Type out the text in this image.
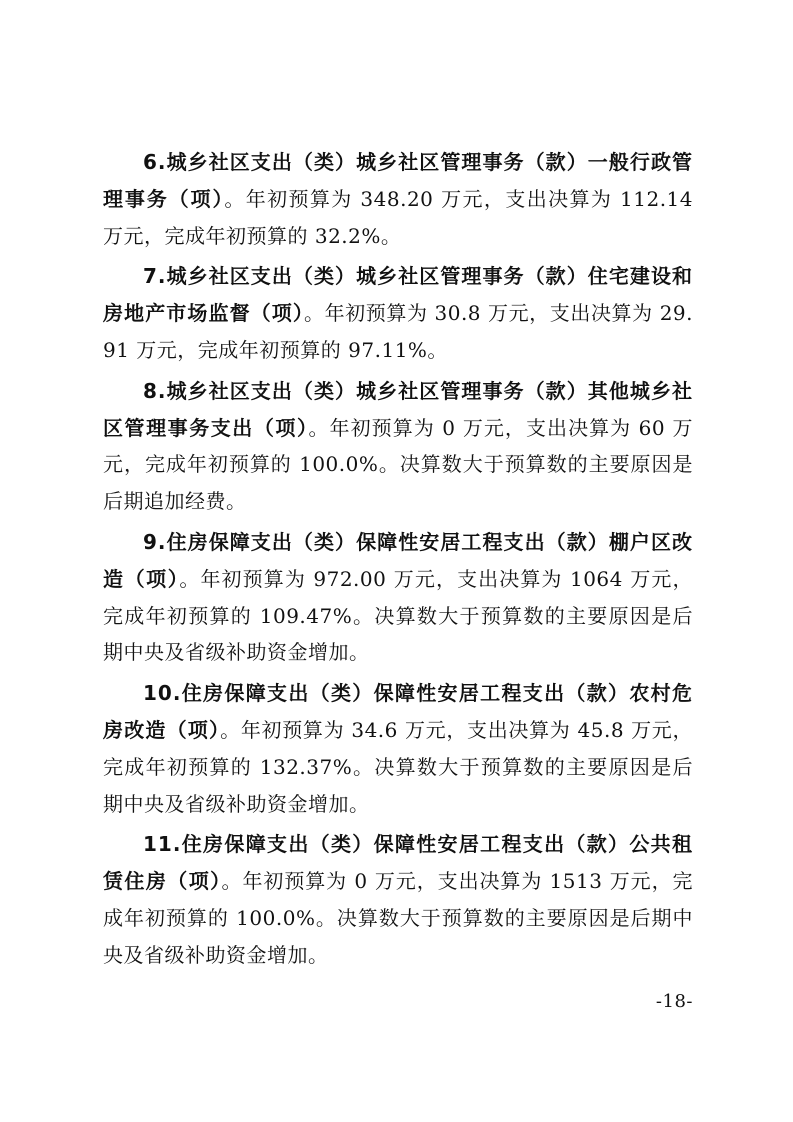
6.城乡社区支出（类）城乡社区管理事务（款）一般行政管理事务（项）。年初预算为 348.20 万元，支出决算为 112.14 万元，完成年初预算的 32.2%。

7.城乡社区支出（类）城乡社区管理事务（款）住宅建设和房地产市场监督（项）。年初预算为 30.8 万元，支出决算为 29.91 万元，完成年初预算的 97.11%。

8.城乡社区支出（类）城乡社区管理事务（款）其他城乡社区管理事务支出（项）。年初预算为 0 万元，支出决算为 60 万元，完成年初预算的 100.0%。决算数大于预算数的主要原因是后期追加经费。

9.住房保障支出（类）保障性安居工程支出（款）棚户区改造（项）。年初预算为 972.00 万元，支出决算为 1064 万元，完成年初预算的 109.47%。决算数大于预算数的主要原因是后期中央及省级补助资金增加。

10.住房保障支出（类）保障性安居工程支出（款）农村危房改造（项）。年初预算为 34.6 万元，支出决算为 45.8 万元，完成年初预算的 132.37%。决算数大于预算数的主要原因是后期中央及省级补助资金增加。

11.住房保障支出（类）保障性安居工程支出（款）公共租赁住房（项）。年初预算为 0 万元，支出决算为 1513 万元，完成年初预算的 100.0%。决算数大于预算数的主要原因是后期中央及省级补助资金增加。

-18-
